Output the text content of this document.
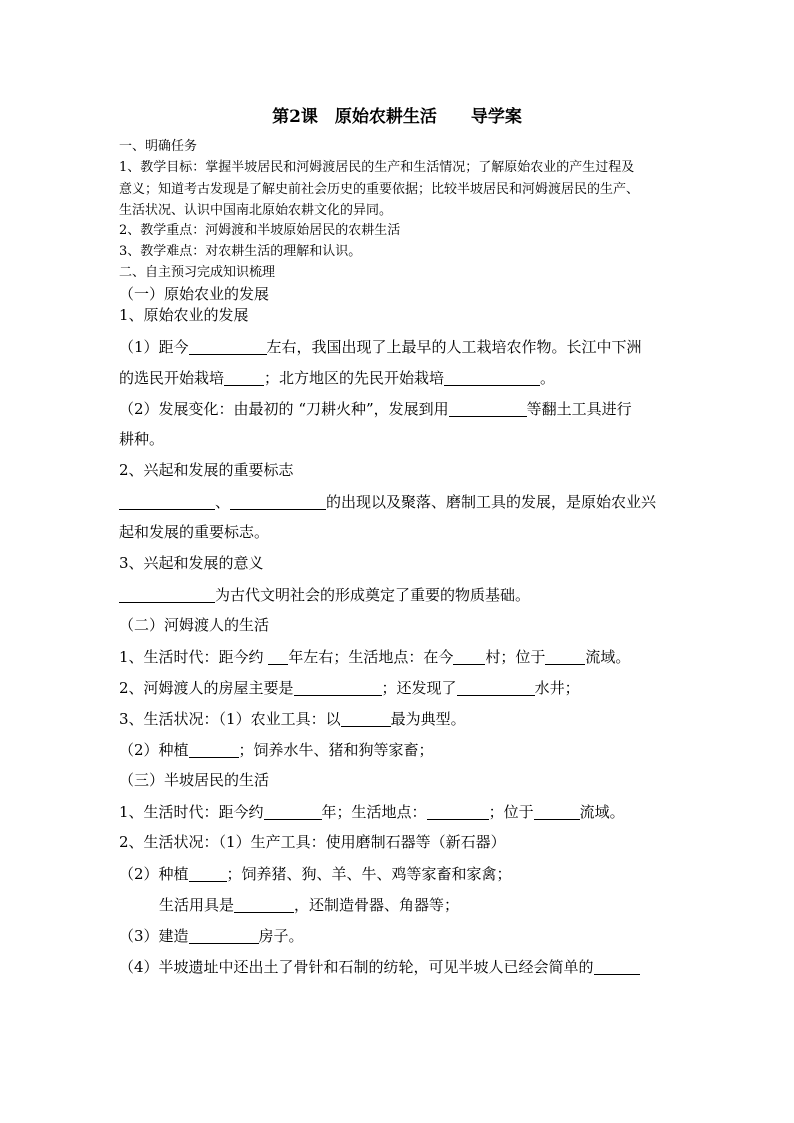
第2课　原始农耕生活　　导学案
一、明确任务
1、教学目标：掌握半坡居民和河姆渡居民的生产和生活情况；了解原始农业的产生过程及
意义；知道考古发现是了解史前社会历史的重要依据；比较半坡居民和河姆渡居民的生产、
生活状况、认识中国南北原始农耕文化的异同。
2、教学重点：河姆渡和半坡原始居民的农耕生活
3、教学难点：对农耕生活的理解和认识。
二、自主预习完成知识梳理
（一）原始农业的发展
1、原始农业的发展
（1）距今	左右，我国出现了上最早的人工栽培农作物。长江中下洲
的选民开始栽培	；北方地区的先民开始栽培	。
（2）发展变化：由最初的 “刀耕火种”，发展到用	等翻土工具进行
耕种。
2、兴起和发展的重要标志
、	的出现以及聚落、磨制工具的发展，是原始农业兴
起和发展的重要标志。
3、兴起和发展的意义
为古代文明社会的形成奠定了重要的物质基础。
（二）河姆渡人的生活
1、生活时代：距今约 年左右；生活地点：在今 村；位于	流域。
2、河姆渡人的房屋主要是	；还发现了	水井；
3、生活状况：（1）农业工具：以	最为典型。
（2）种植	；饲养水牛、猪和狗等家畜；
（三）半坡居民的生活
1、生活时代：距今约	年；生活地点：	；位于	流域。
2、生活状况：（1）生产工具：使用磨制石器等（新石器）
（2）种植	；饲养猪、狗、羊、牛、鸡等家畜和家禽；
生活用具是	，还制造骨器、角器等；
（3）建造	房子。
（4）半坡遗址中还出土了骨针和石制的纺轮，可见半坡人已经会简单的
